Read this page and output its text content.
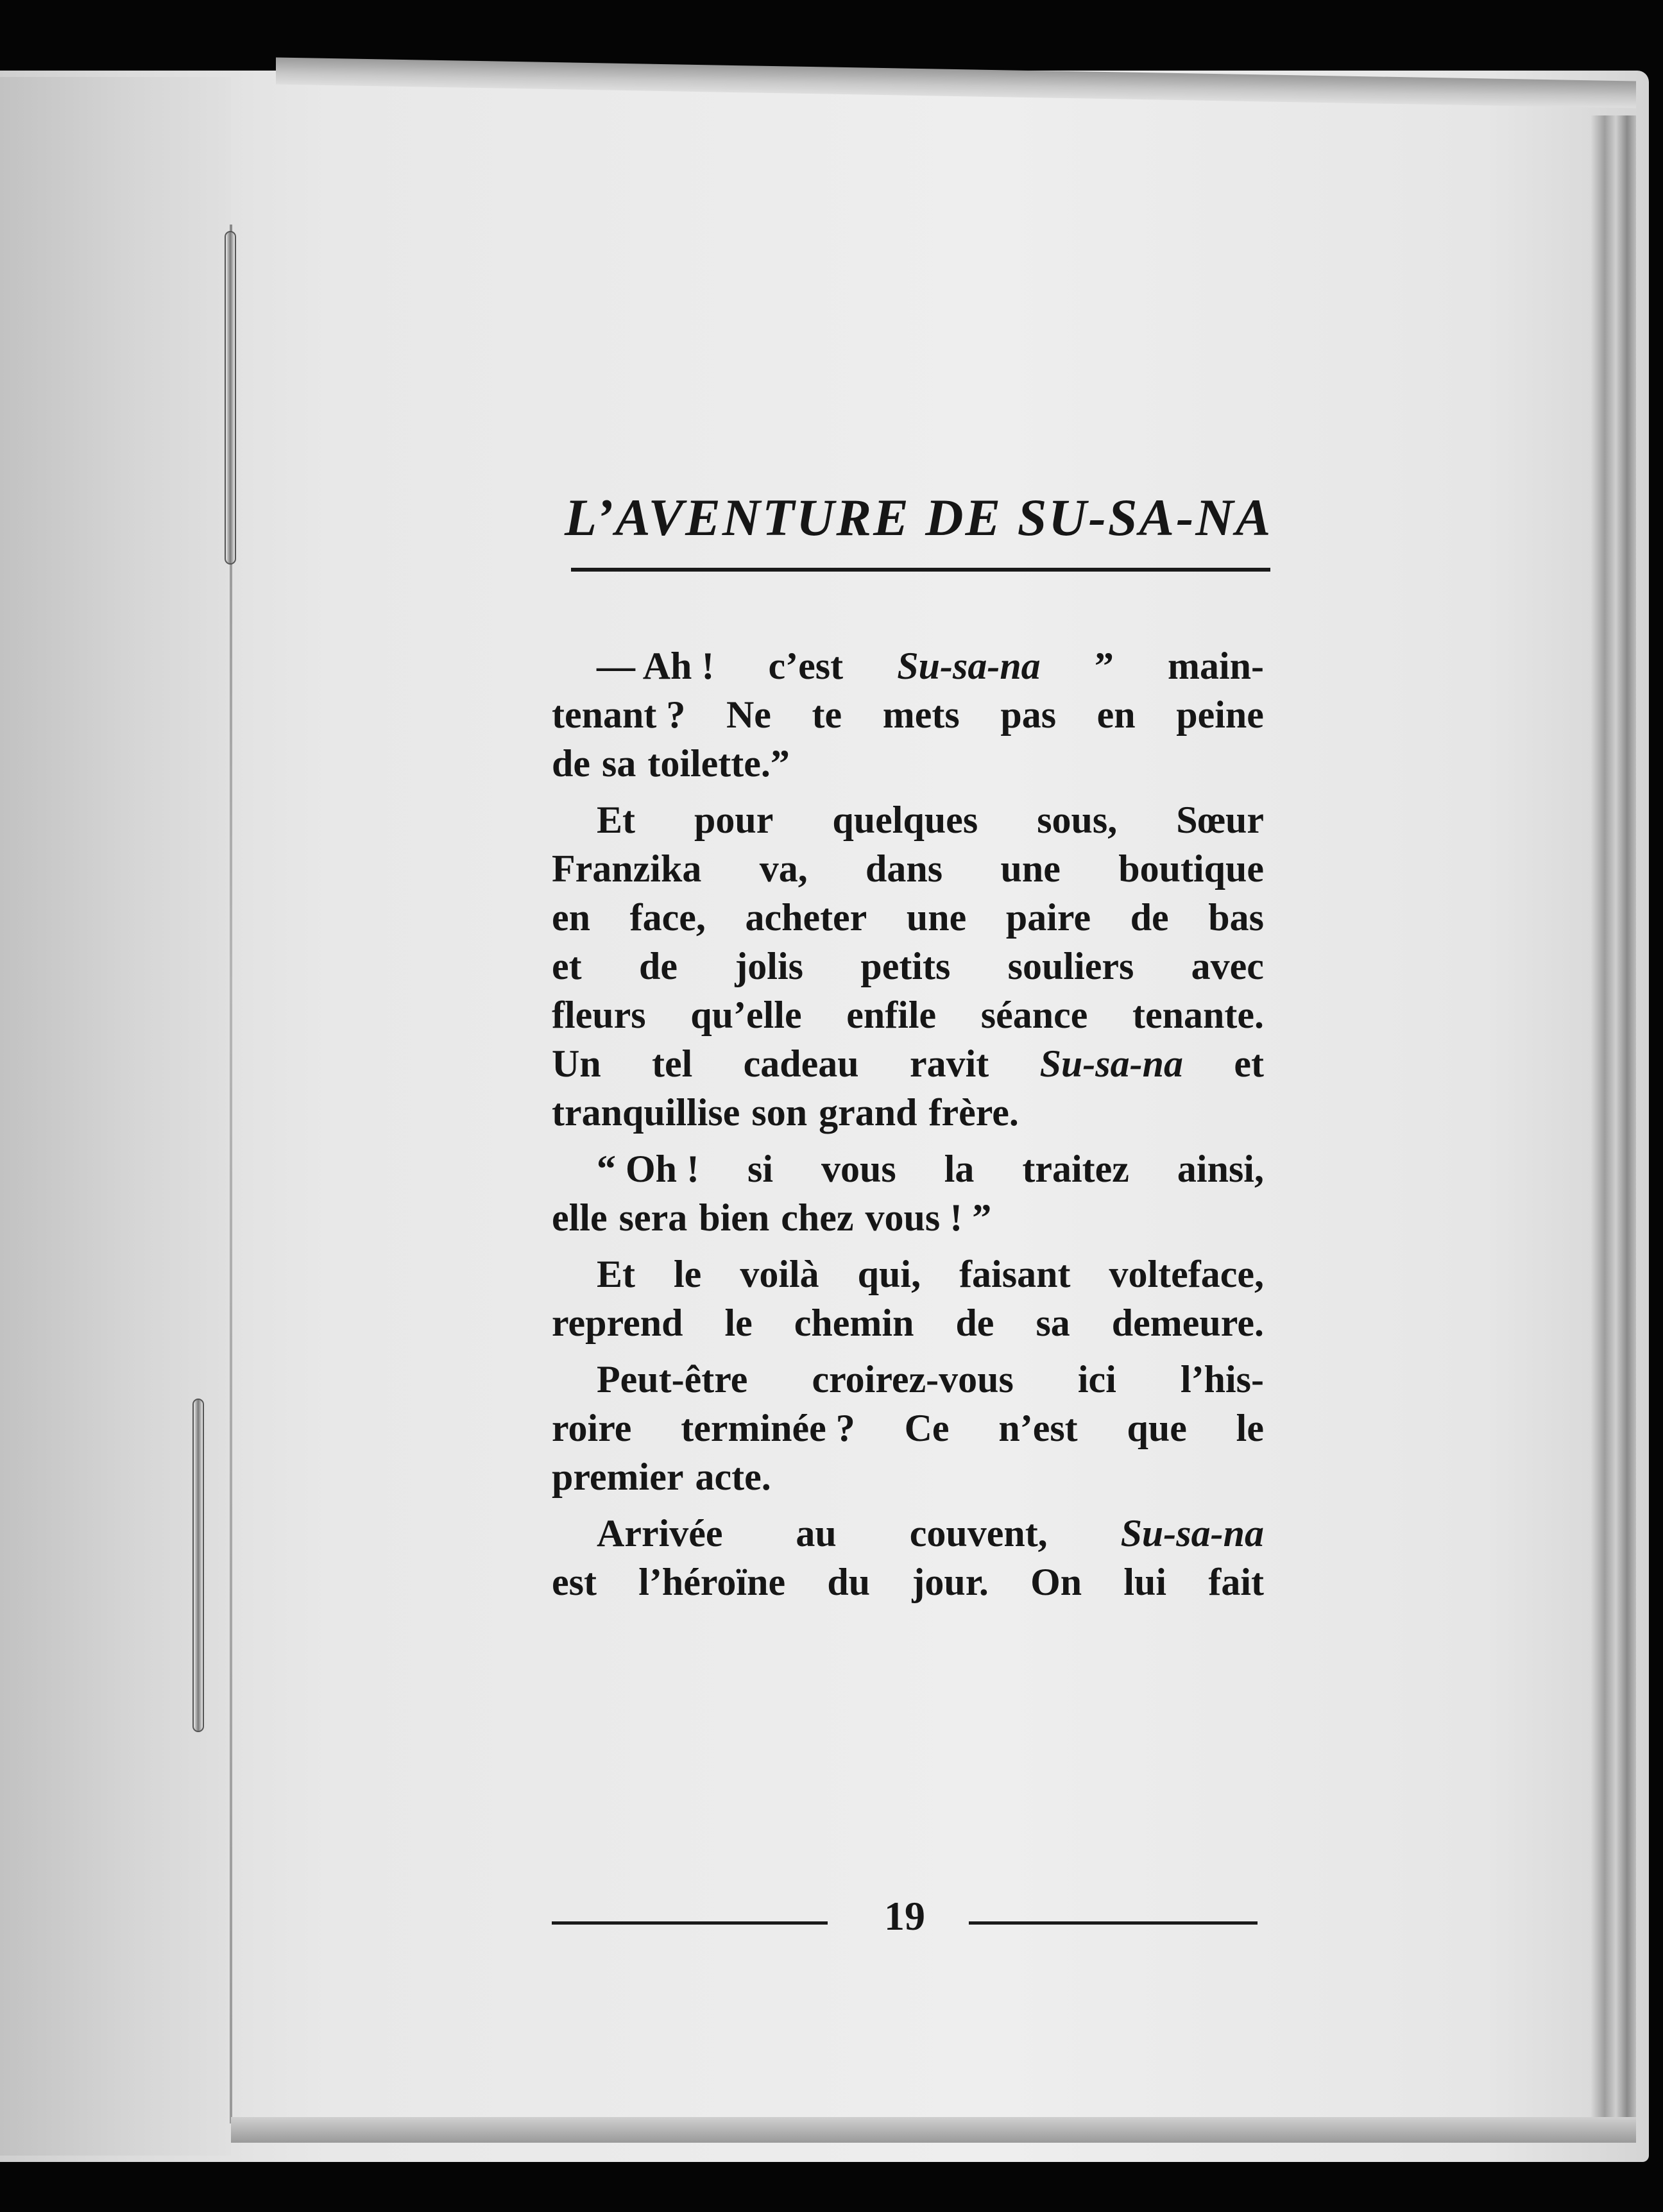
L’AVENTURE DE SU-SA-NA
— Ah ! c’est Su-sa-na ” main-
tenant ? Ne te mets pas en peine
de sa toilette.”
Et pour quelques sous, Sœur
Franzika va, dans une boutique
en face, acheter une paire de bas
et de jolis petits souliers avec
fleurs qu’elle enfile séance tenante.
Un tel cadeau ravit Su-sa-na et
tranquillise son grand frère.
“ Oh ! si vous la traitez ainsi,
elle sera bien chez vous ! ”
Et le voilà qui, faisant volteface,
reprend le chemin de sa demeure.
Peut-être croirez-vous ici l’his-
roire terminée ? Ce n’est que le
premier acte.
Arrivée au couvent, Su-sa-na
est l’héroïne du jour. On lui fait
19
